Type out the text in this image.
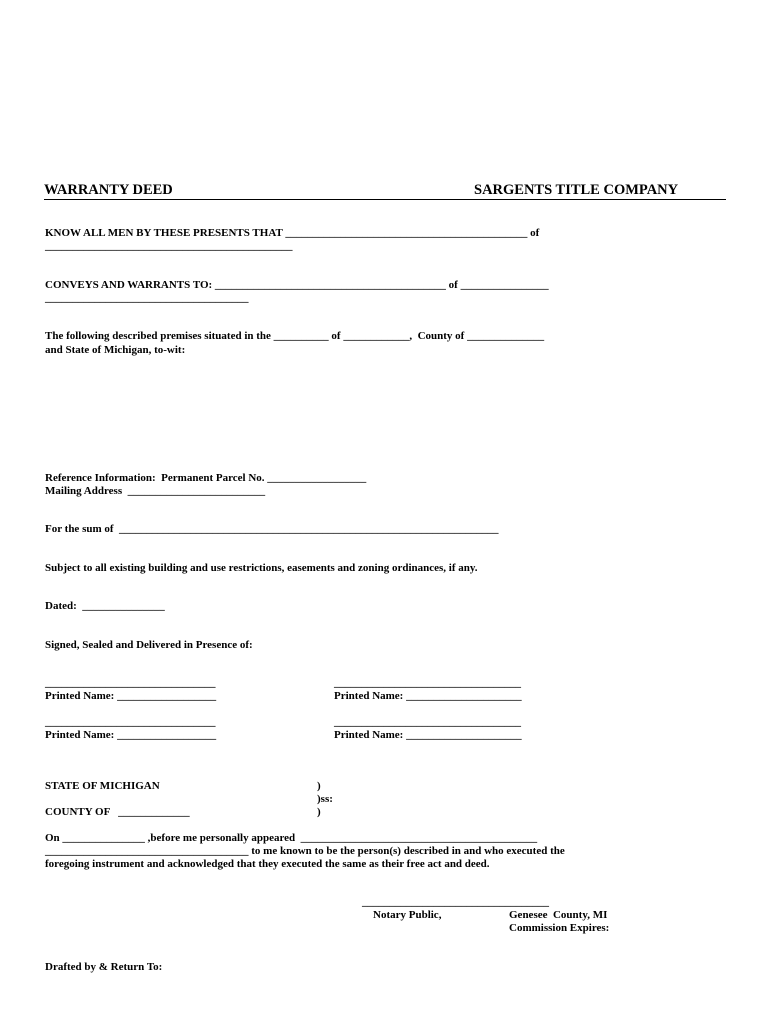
WARRANTY DEED	SARGENTS TITLE COMPANY
KNOW ALL MEN BY THESE PRESENTS THAT ____________________________________________ of
_____________________________________________
CONVEYS AND WARRANTS TO: __________________________________________ of ________________
_____________________________________
The following described premises situated in the __________ of ____________,  County of ______________
and State of Michigan, to-wit:
Reference Information:  Permanent Parcel No. __________________
Mailing Address  _________________________
For the sum of  _____________________________________________________________________
Subject to all existing building and use restrictions, easements and zoning ordinances, if any.
Dated:  _______________
Signed, Sealed and Delivered in Presence of:
_______________________________	__________________________________
Printed Name: __________________	Printed Name: _____________________
_______________________________	__________________________________
Printed Name: __________________	Printed Name: _____________________
STATE OF MICHIGAN	)
)ss:
COUNTY OF   _____________	)
On _______________ ,before me personally appeared  ___________________________________________
_____________________________________ to me known to be the person(s) described in and who executed the
foregoing instrument and acknowledged that they executed the same as their free act and deed.
__________________________________
Notary Public,	Genesee  County, MI
Commission Expires:
Drafted by & Return To:
